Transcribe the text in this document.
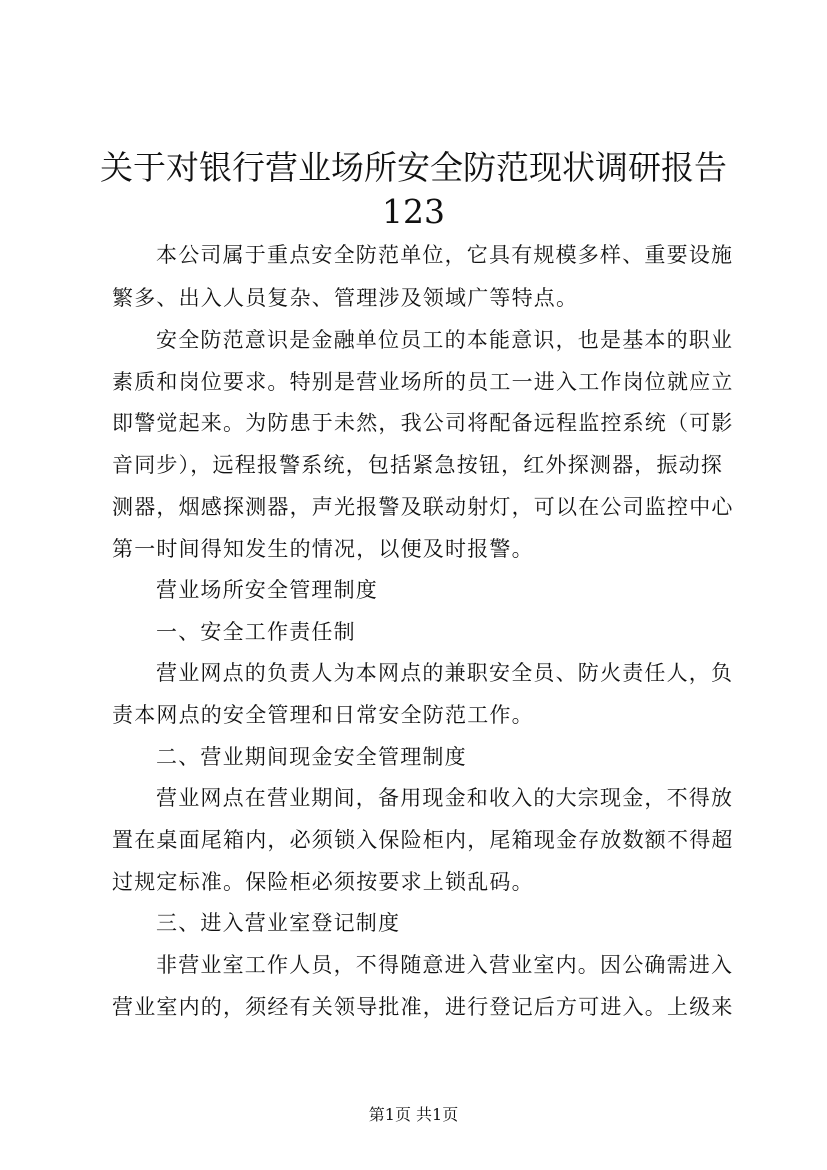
关于对银行营业场所安全防范现状调研报告
123
本公司属于重点安全防范单位，它具有规模多样、重要设施
繁多、出入人员复杂、管理涉及领域广等特点。
安全防范意识是金融单位员工的本能意识，也是基本的职业
素质和岗位要求。特别是营业场所的员工一进入工作岗位就应立
即警觉起来。为防患于未然，我公司将配备远程监控系统（可影
音同步），远程报警系统，包括紧急按钮，红外探测器，振动探
测器，烟感探测器，声光报警及联动射灯，可以在公司监控中心
第一时间得知发生的情况，以便及时报警。
营业场所安全管理制度
一、安全工作责任制
营业网点的负责人为本网点的兼职安全员、防火责任人，负
责本网点的安全管理和日常安全防范工作。
二、营业期间现金安全管理制度
营业网点在营业期间，备用现金和收入的大宗现金，不得放
置在桌面尾箱内，必须锁入保险柜内，尾箱现金存放数额不得超
过规定标准。保险柜必须按要求上锁乱码。
三、进入营业室登记制度
非营业室工作人员，不得随意进入营业室内。因公确需进入
营业室内的，须经有关领导批准，进行登记后方可进入。上级来
第1页 共1页
